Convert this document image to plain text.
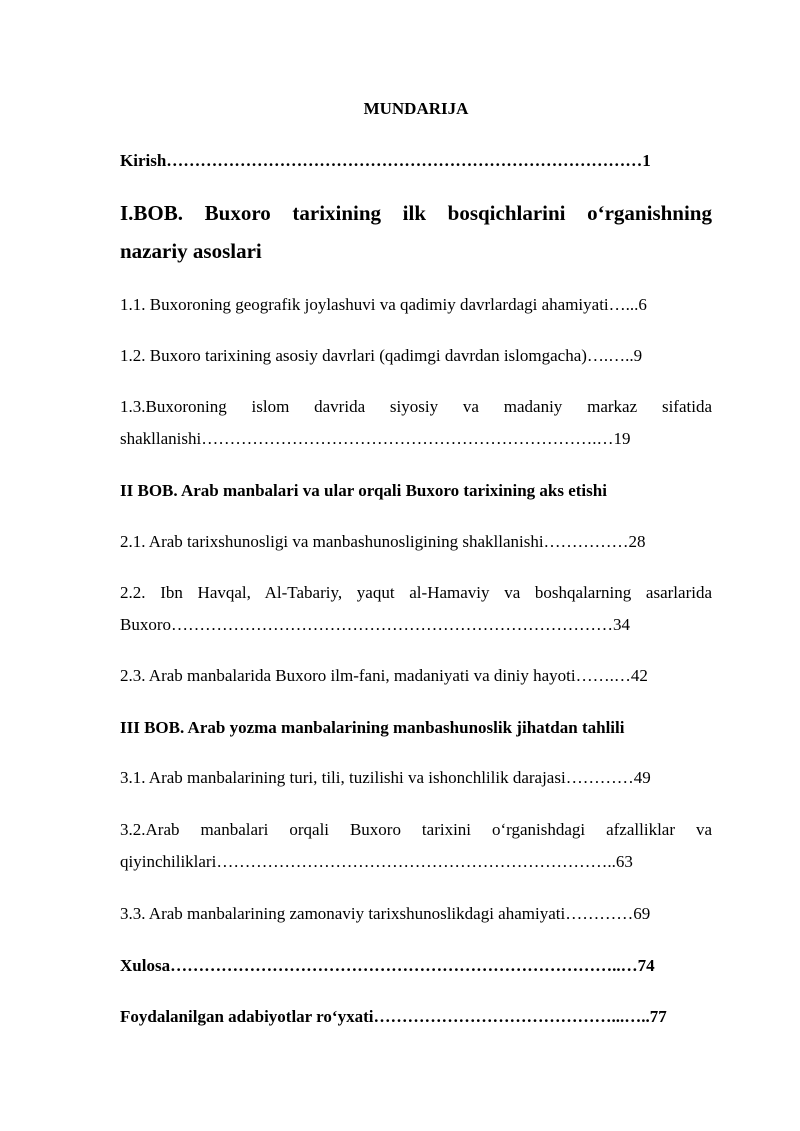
MUNDARIJA
Kirish…………………………………………………………………………1
I.BOB. Buxoro tarixining ilk bosqichlarini o‘rganishning
nazariy asoslari
1.1. Buxoroning geografik joylashuvi va qadimiy davrlardagi ahamiyati…...6
1.2. Buxoro tarixining asosiy davrlari (qadimgi davrdan islomgacha)….…..9
1.3.Buxoroning islom davrida siyosiy va madaniy markaz sifatida
shakllanishi…………………………………………………………….…19
II BOB. Arab manbalari va ular orqali Buxoro tarixining aks etishi
2.1. Arab tarixshunosligi va manbashunosligining shakllanishi……………28
2.2. Ibn Havqal, Al-Tabariy, yaqut al-Hamaviy va boshqalarning asarlarida
Buxoro……………………………………………………………………34
2.3. Arab manbalarida Buxoro ilm-fani, madaniyati va diniy hayoti…….…42
III BOB. Arab yozma manbalarining manbashunoslik jihatdan tahlili
3.1. Arab manbalarining turi, tili, tuzilishi va ishonchlilik darajasi…………49
3.2.Arab manbalari orqali Buxoro tarixini o‘rganishdagi afzalliklar va
qiyinchiliklari……………………………………………………………..63
3.3. Arab manbalarining zamonaviy tarixshunoslikdagi ahamiyati…………69
Xulosa……………………………………………………………………..…74
Foydalanilgan adabiyotlar ro‘yxati……………………………………...…..77
